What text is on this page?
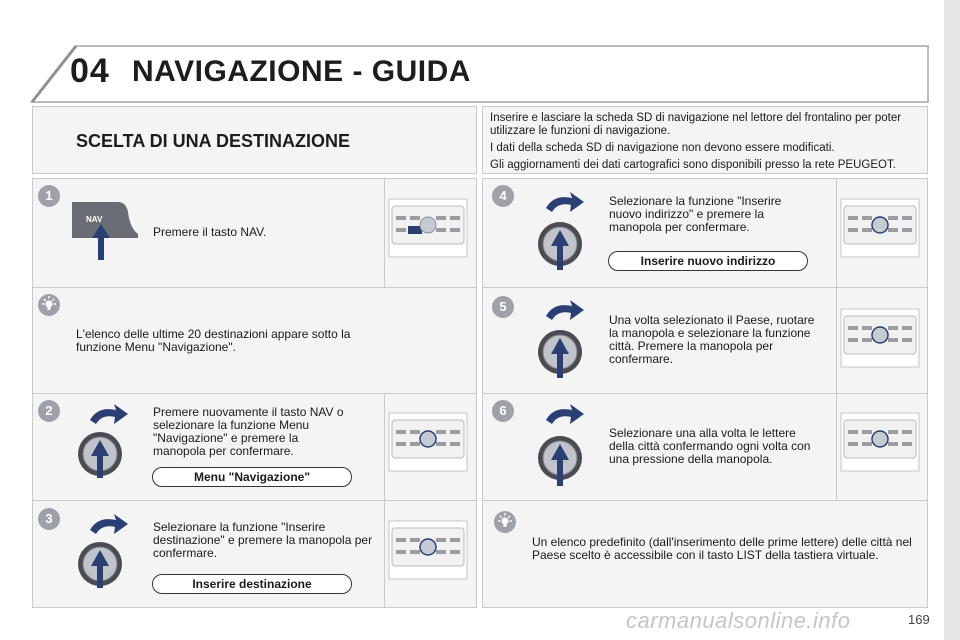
04 NAVIGAZIONE - GUIDA
SCELTA DI UNA DESTINAZIONE

Inserire e lasciare la scheda SD di navigazione nel lettore del frontalino per poter utilizzare le funzioni di navigazione.

I dati della scheda SD di navigazione non devono essere modificati.

Gli aggiornamenti dei dati cartografici sono disponibili presso la rete PEUGEOT.

1
NAV
Premere il tasto NAV.
L'elenco delle ultime 20 destinazioni appare sotto la funzione Menu "Navigazione".
2	Premere nuovamente il tasto NAV o selezionare la funzione Menu "Navigazione" e premere la manopola per confermare.
Menu "Navigazione"
3
Selezionare la funzione "Inserire destinazione" e premere la manopola per confermare.
Inserire destinazione
4	Selezionare la funzione "Inserire nuovo indirizzo" e premere la manopola per confermare.
Inserire nuovo indirizzo
5
Una volta selezionato il Paese, ruotare la manopola e selezionare la funzione città. Premere la manopola per confermare.
6
Selezionare una alla volta le lettere della città confermando ogni volta con una pressione della manopola.
Un elenco predefinito (dall'inserimento delle prime lettere) delle città nel Paese scelto è accessibile con il tasto LIST della tastiera virtuale.
carmanualsonline.info	169
